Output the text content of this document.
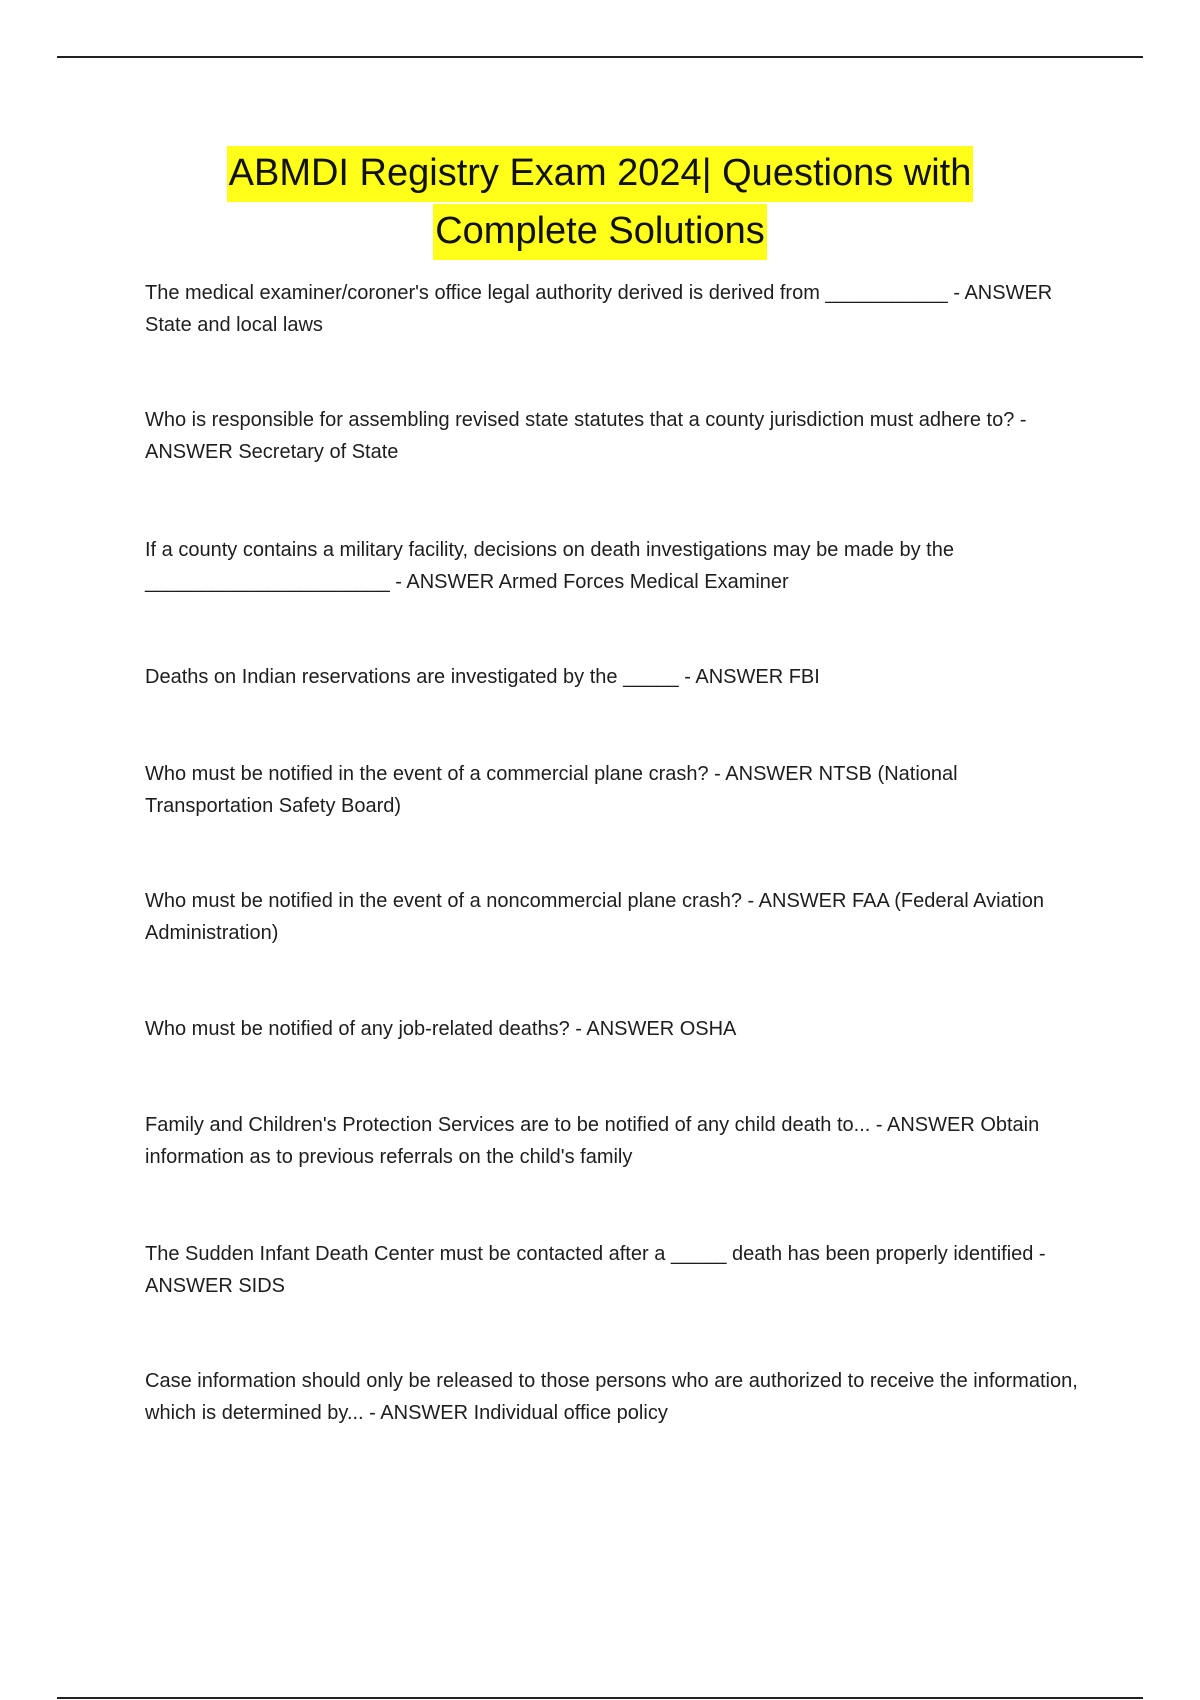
ABMDI Registry Exam 2024| Questions with
Complete Solutions
The medical examiner/coroner's office legal authority derived is derived from ___________ - ANSWER State and local laws
Who is responsible for assembling revised state statutes that a county jurisdiction must adhere to? - ANSWER Secretary of State
If a county contains a military facility, decisions on death investigations may be made by the ______________________ - ANSWER Armed Forces Medical Examiner
Deaths on Indian reservations are investigated by the _____ - ANSWER FBI
Who must be notified in the event of a commercial plane crash? - ANSWER NTSB (National Transportation Safety Board)
Who must be notified in the event of a noncommercial plane crash? - ANSWER FAA (Federal Aviation Administration)
Who must be notified of any job-related deaths? - ANSWER OSHA
Family and Children's Protection Services are to be notified of any child death to... - ANSWER Obtain information as to previous referrals on the child's family
The Sudden Infant Death Center must be contacted after a _____ death has been properly identified - ANSWER SIDS
Case information should only be released to those persons who are authorized to receive the information, which is determined by... - ANSWER Individual office policy
